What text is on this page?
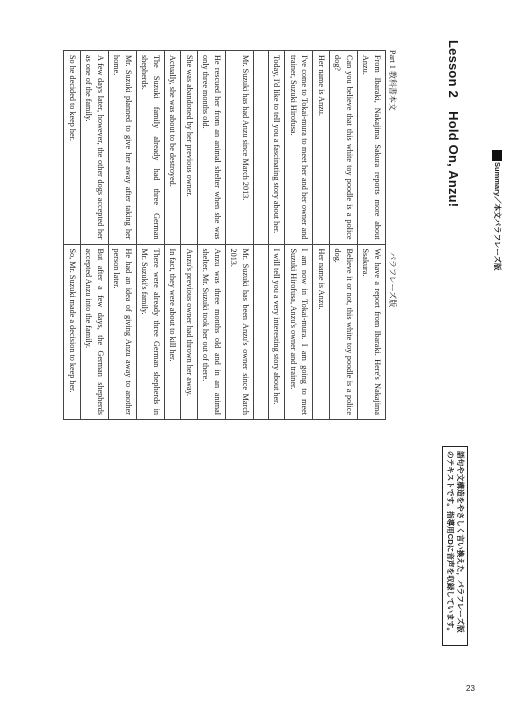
Lesson 2　Hold On, Anzu!
語句や文構造をやさしく言い換えた，パラフレーズ版
のテキストです。指導用CDに音声を収録しています。
Part 1 教科書本文
パラフレーズ版
From Ibaraki, Nakajima Sakura reports more about Anzu.	We have a report from Ibaraki. Here's Nakajima Ssakura.
Can you believe that this white toy poodle is a police dog?	Believe it or not, this white toy poodle is a police dog.
Her name is Anzu.	Her name is Anzu.
I've come to Tokai-mura to meet her and her owner and trainer, Suzuki Hirofusa.	I am now in Tokai-mura. I am going to meet Suzuki Hirofusa, Anzu's owner and trainer.
Today, I'd like to tell you a fascinating story about her.	I will tell you a very interesting story about her.

Mr. Suzuki has had Anzu since March 2013.	Mr. Suzuki has been Anzu's owner since March 2013.
He rescued her from an animal shelter when she was only three months old.	Anzu was three months old and in an animal shelter. Mr. Suzuki took her out of there.
She was abandoned by her previous owner.	Anzu's previous owner had thrown her away.
Actually, she was about to be destroyed.	In fact, they were about to kill her.
The Suzuki family already had three German shepherds.	There were already three German shepherds in Mr. Suzuki's family.
Mr. Suzuki planned to give her away after taking her home.	He had an idea of giving Anzu away to another person later.
A few days later, however, the other dogs accepted her as one of the family.	But after a few days, the German shepherds accepted Anzu into the family.
So he decided to keep her.	So, Mr. Suzuki made a decision to keep her.
Summary／本文パラフレーズ版
23
